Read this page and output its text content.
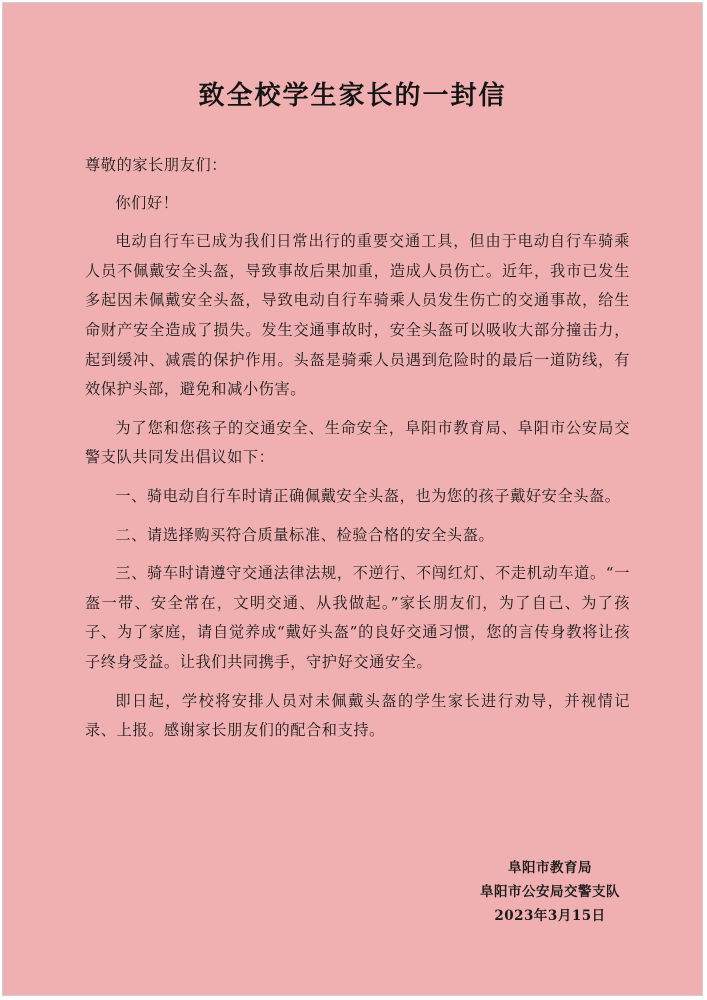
致全校学生家长的一封信

尊敬的家长朋友们：

你们好！

电动自行车已成为我们日常出行的重要交通工具，但由于电动自行车骑乘人员不佩戴安全头盔，导致事故后果加重，造成人员伤亡。近年，我市已发生多起因未佩戴安全头盔，导致电动自行车骑乘人员发生伤亡的交通事故，给生命财产安全造成了损失。发生交通事故时，安全头盔可以吸收大部分撞击力，起到缓冲、减震的保护作用。头盔是骑乘人员遇到危险时的最后一道防线，有效保护头部，避免和减小伤害。

为了您和您孩子的交通安全、生命安全，阜阳市教育局、阜阳市公安局交警支队共同发出倡议如下：

一、骑电动自行车时请正确佩戴安全头盔，也为您的孩子戴好安全头盔。

二、请选择购买符合质量标准、检验合格的安全头盔。

三、骑车时请遵守交通法律法规，不逆行、不闯红灯、不走机动车道。“一盔一带、安全常在，文明交通、从我做起。”家长朋友们，为了自己、为了孩子、为了家庭，请自觉养成“戴好头盔”的良好交通习惯，您的言传身教将让孩子终身受益。让我们共同携手，守护好交通安全。

即日起，学校将安排人员对未佩戴头盔的学生家长进行劝导，并视情记录、上报。感谢家长朋友们的配合和支持。

阜阳市教育局
阜阳市公安局交警支队
2023年3月15日
